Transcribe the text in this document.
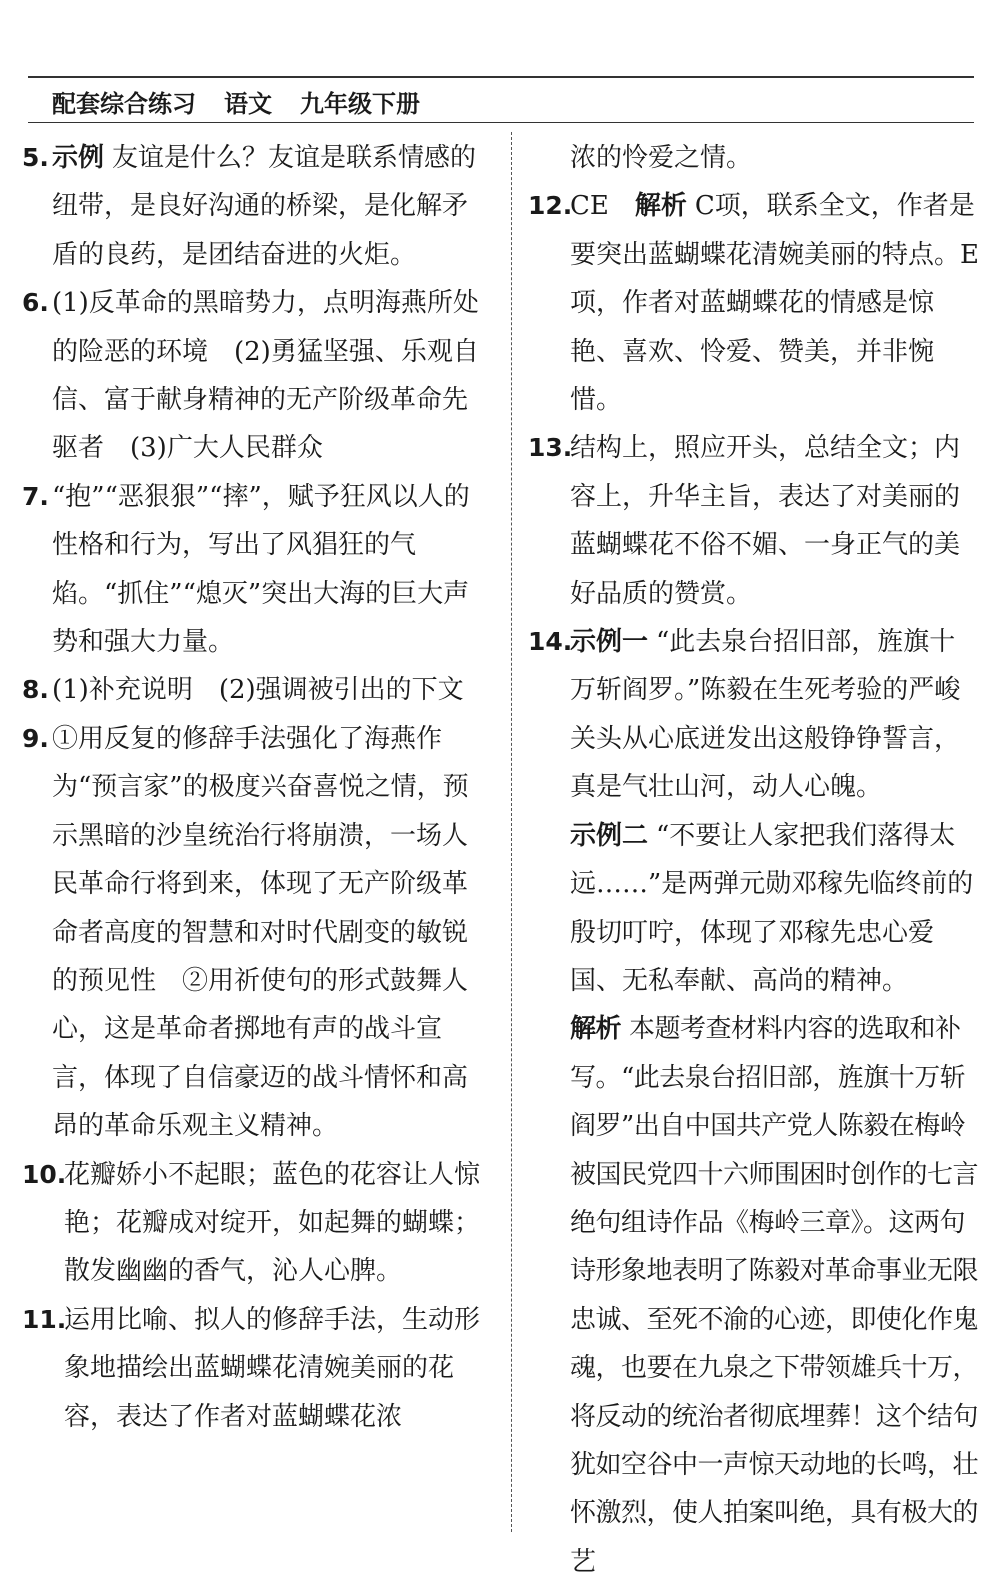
配套综合练习 语文 九年级下册
5. 示例 友谊是什么？友谊是联系情感的纽带，是良好沟通的桥梁，是化解矛盾的良药，是团结奋进的火炬。
6. (1)反革命的黑暗势力，点明海燕所处的险恶的环境　(2)勇猛坚强、乐观自信、富于献身精神的无产阶级革命先驱者　(3)广大人民群众
7. “抱”“恶狠狠”“摔”，赋予狂风以人的性格和行为，写出了风猖狂的气焰。“抓住”“熄灭”突出大海的巨大声势和强大力量。
8. (1)补充说明　(2)强调被引出的下文
9. ①用反复的修辞手法强化了海燕作为“预言家”的极度兴奋喜悦之情，预示黑暗的沙皇统治行将崩溃，一场人民革命行将到来，体现了无产阶级革命者高度的智慧和对时代剧变的敏锐的预见性　②用祈使句的形式鼓舞人心，这是革命者掷地有声的战斗宣言，体现了自信豪迈的战斗情怀和高昂的革命乐观主义精神。
10.
花瓣娇小不起眼；蓝色的花容让人惊艳；花瓣成对绽开，如起舞的蝴蝶；散发幽幽的香气，沁人心脾。
11.
运用比喻、拟人的修辞手法，生动形象地描绘出蓝蝴蝶花清婉美丽的花容，表达了作者对蓝蝴蝶花浓
浓的怜爱之情。
12.
CE　解析 C项，联系全文，作者是要突出蓝蝴蝶花清婉美丽的特点。E项，作者对蓝蝴蝶花的情感是惊艳、喜欢、怜爱、赞美，并非惋惜。
13.
结构上，照应开头，总结全文；内容上，升华主旨，表达了对美丽的蓝蝴蝶花不俗不媚、一身正气的美好品质的赞赏。
14.
示例一 “此去泉台招旧部，旌旗十万斩阎罗。”陈毅在生死考验的严峻关头从心底迸发出这般铮铮誓言，真是气壮山河，动人心魄。
示例二 “不要让人家把我们落得太远……”是两弹元勋邓稼先临终前的殷切叮咛，体现了邓稼先忠心爱国、无私奉献、高尚的精神。
解析 本题考查材料内容的选取和补写。“此去泉台招旧部，旌旗十万斩阎罗”出自中国共产党人陈毅在梅岭被国民党四十六师围困时创作的七言绝句组诗作品《梅岭三章》。这两句诗形象地表明了陈毅对革命事业无限忠诚、至死不渝的心迹，即使化作鬼魂，也要在九泉之下带领雄兵十万，将反动的统治者彻底埋葬！这个结句犹如空谷中一声惊天动地的长鸣，壮怀激烈，使人拍案叫绝，具有极大的艺
